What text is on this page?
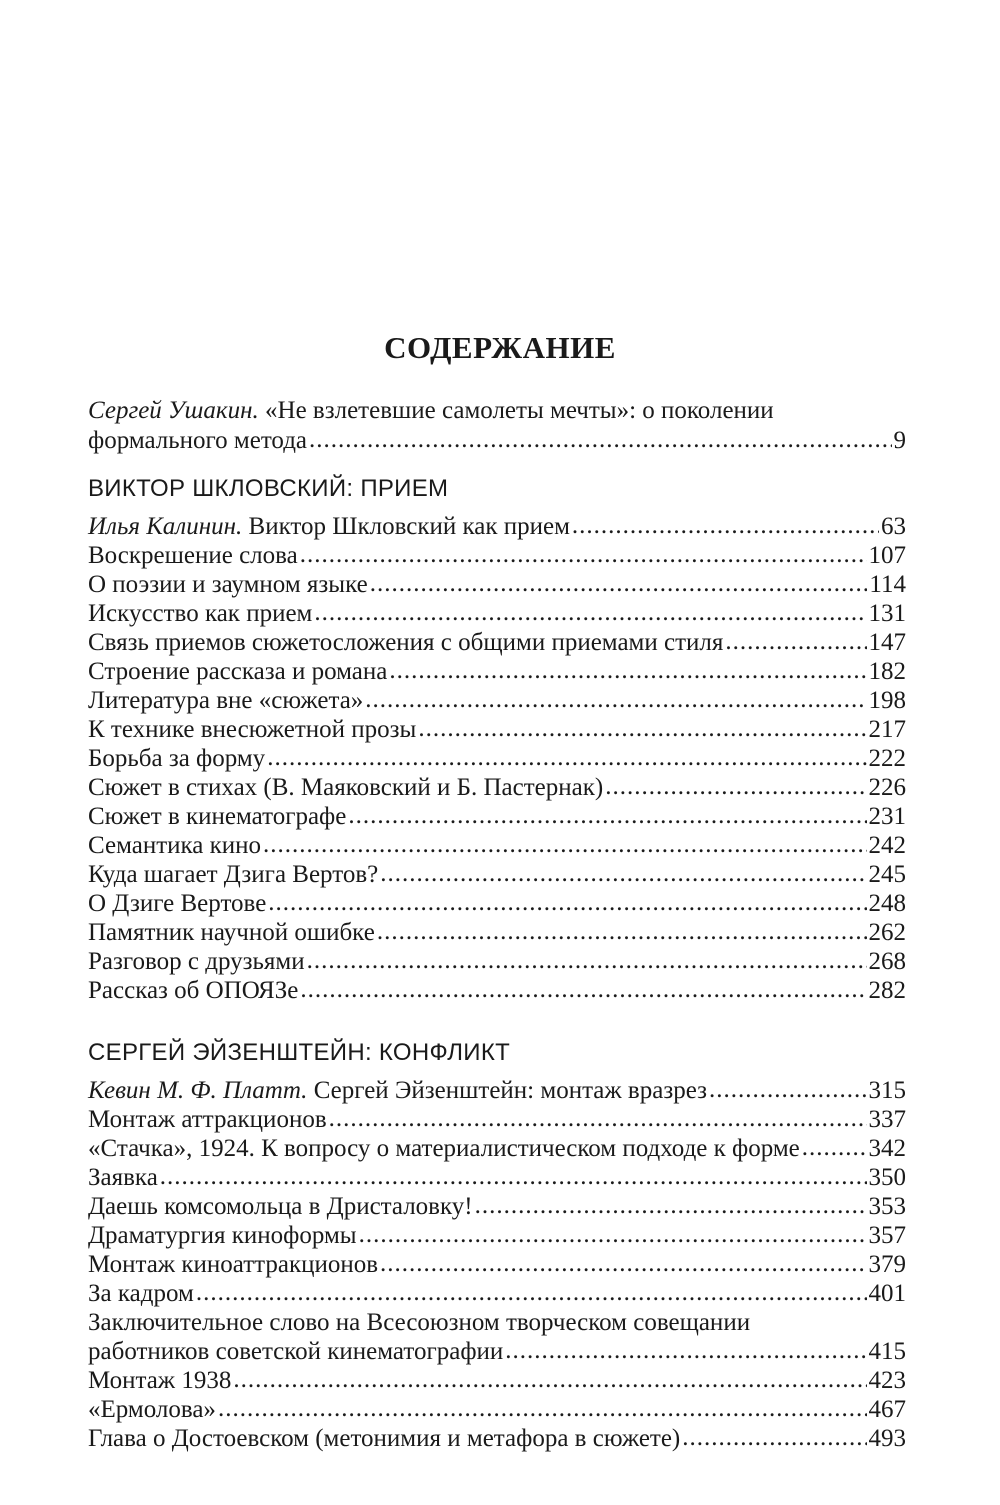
СОДЕРЖАНИЕ
Сергей Ушакин. «Не взлетевшие самолеты мечты»: о поколении
формального метода .....	9
ВИКТОР ШКЛОВСКИЙ: ПРИЕМ
Илья Калинин. Виктор Шкловский как прием .....	63
Воскрешение слова .....	107
О поэзии и заумном языке .....	114
Искусство как прием .....	131
Связь приемов сюжетосложения с общими приемами стиля .....	147
Строение рассказа и романа .....	182
Литература вне «сюжета» .....	198
К технике внесюжетной прозы .....	217
Борьба за форму .....	222
Сюжет в стихах (В. Маяковский и Б. Пастернак) .....	226
Сюжет в кинематографе .....	231
Семантика кино .....	242
Куда шагает Дзига Вертов? .....	245
О Дзиге Вертове .....	248
Памятник научной ошибке .....	262
Разговор с друзьями .....	268
Рассказ об ОПОЯЗе .....	282
СЕРГЕЙ ЭЙЗЕНШТЕЙН: КОНФЛИКТ
Кевин М. Ф. Платт. Сергей Эйзенштейн: монтаж вразрез .....	315
Монтаж аттракционов .....	337
«Стачка», 1924. К вопросу о материалистическом подходе к форме .....	342
Заявка .....	350
Даешь комсомольца в Дристаловку! .....	353
Драматургия киноформы .....	357
Монтаж киноаттракционов .....	379
За кадром .....	401
Заключительное слово на Всесоюзном творческом совещании
работников советской кинематографии .....	415
Монтаж 1938 .....	423
«Ермолова» .....	467
Глава о Достоевском (метонимия и метафора в сюжете) .....	493
